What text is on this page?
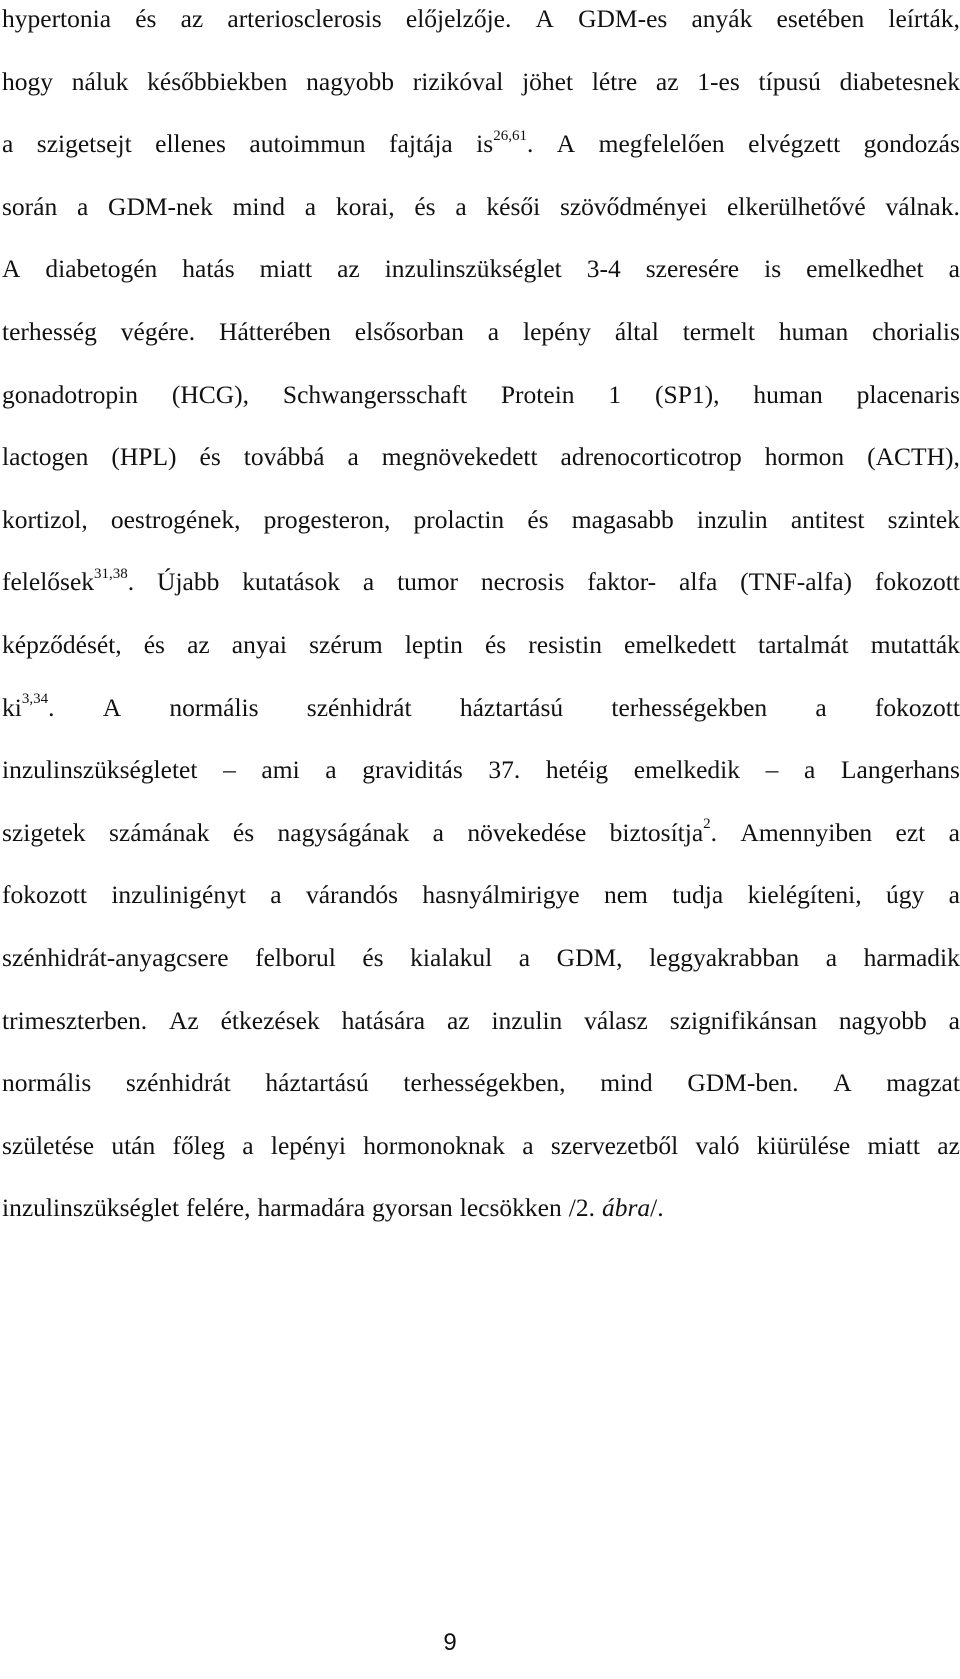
hypertonia és az arteriosclerosis előjelzője. A GDM-es anyák esetében leírták,
hogy náluk későbbiekben nagyobb rizikóval jöhet létre az 1-es típusú diabetesnek
a szigetsejt ellenes autoimmun fajtája is$^{26,61}$. A megfelelően elvégzett gondozás
során a GDM-nek mind a korai, és a késői szövődményei elkerülhetővé válnak.
A diabetogén hatás miatt az inzulinszükséglet 3-4 szeresére is emelkedhet a
terhesség végére. Hátterében elsősorban a lepény által termelt human chorialis
gonadotropin (HCG), Schwangersschaft Protein 1 (SP1), human placenaris
lactogen (HPL) és továbbá a megnövekedett adrenocorticotrop hormon (ACTH),
kortizol, oestrogének, progesteron, prolactin és magasabb inzulin antitest szintek
felelősek$^{31,38}$. Újabb kutatások a tumor necrosis faktor- alfa (TNF-alfa) fokozott
képződését, és az anyai szérum leptin és resistin emelkedett tartalmát mutatták
ki$^{3,34}$. A normális szénhidrát háztartású terhességekben a fokozott
inzulinszükségletet – ami a graviditás 37. hetéig emelkedik – a Langerhans
szigetek számának és nagyságának a növekedése biztosítja$^2$. Amennyiben ezt a
fokozott inzulinigényt a várandós hasnyálmirigye nem tudja kielégíteni, úgy a
szénhidrát-anyagcsere felborul és kialakul a GDM, leggyakrabban a harmadik
trimeszterben. Az étkezések hatására az inzulin válasz szignifikánsan nagyobb a
normális szénhidrát háztartású terhességekben, mind GDM-ben. A magzat
születése után főleg a lepényi hormonoknak a szervezetből való kiürülése miatt az
inzulinszükséglet felére, harmadára gyorsan lecsökken /2. ábra/.
9
